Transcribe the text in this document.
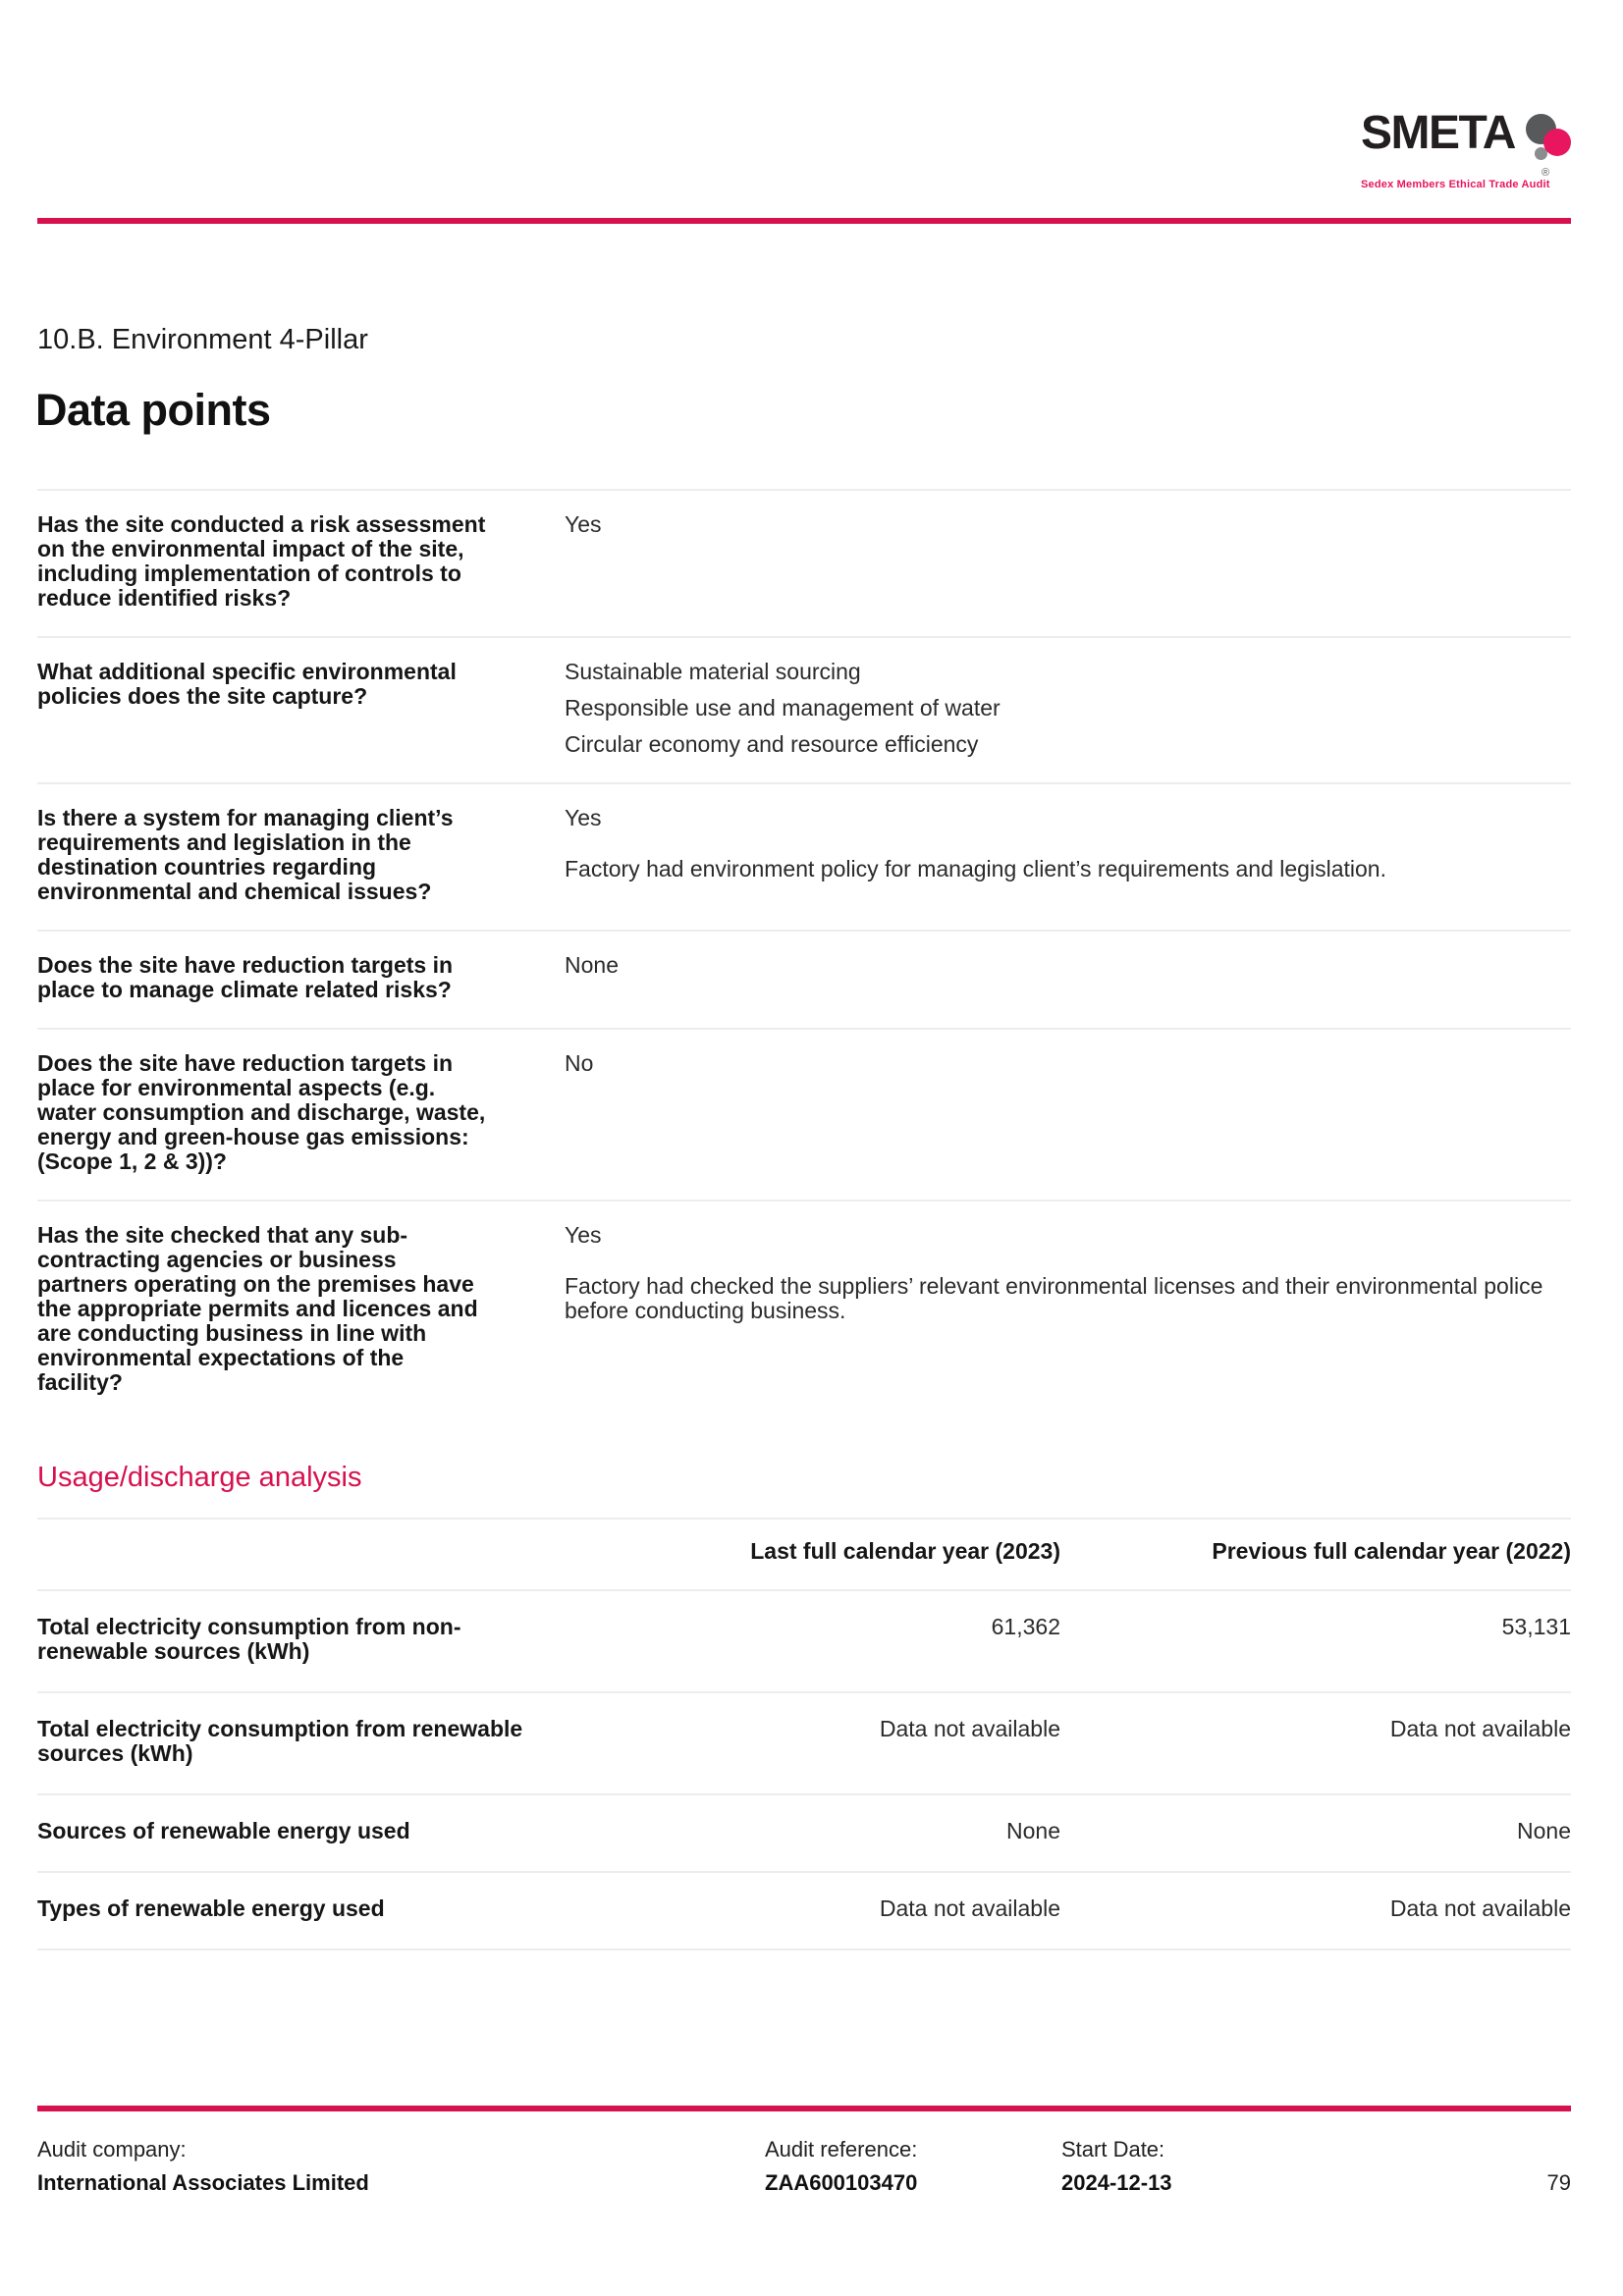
SMETA
®
Sedex Members Ethical Trade Audit
10.B. Environment 4-Pillar
Data points
Has the site conducted a risk assessment on the environmental impact of the site, including implementation of controls to reduce identified risks?

Yes

What additional specific environmental policies does the site capture?

Sustainable material sourcing

Responsible use and management of water

Circular economy and resource efficiency

Is there a system for managing client’s requirements and legislation in the destination countries regarding environmental and chemical issues?

Yes

Factory had environment policy for managing client’s requirements and legislation.

Does the site have reduction targets in place to manage climate related risks?

None

Does the site have reduction targets in place for environmental aspects (e.g. water consumption and discharge, waste, energy and green-house gas emissions: (Scope 1, 2 & 3))?

No

Has the site checked that any sub-contracting agencies or business partners operating on the premises have the appropriate permits and licences and are conducting business in line with environmental expectations of the facility?

Yes

Factory had checked the suppliers’ relevant environmental licenses and their environmental police before conducting business.

Usage/discharge analysis
	Last full calendar year (2023)	Previous full calendar year (2022)
Total electricity consumption from non-renewable sources (kWh)	61,362	53,131
Total electricity consumption from renewable sources (kWh)	Data not available	Data not available
Sources of renewable energy used	None	None
Types of renewable energy used	Data not available	Data not available
Audit company:
International Associates Limited
Audit reference:
ZAA600103470
Start Date:
2024-12-13	79
